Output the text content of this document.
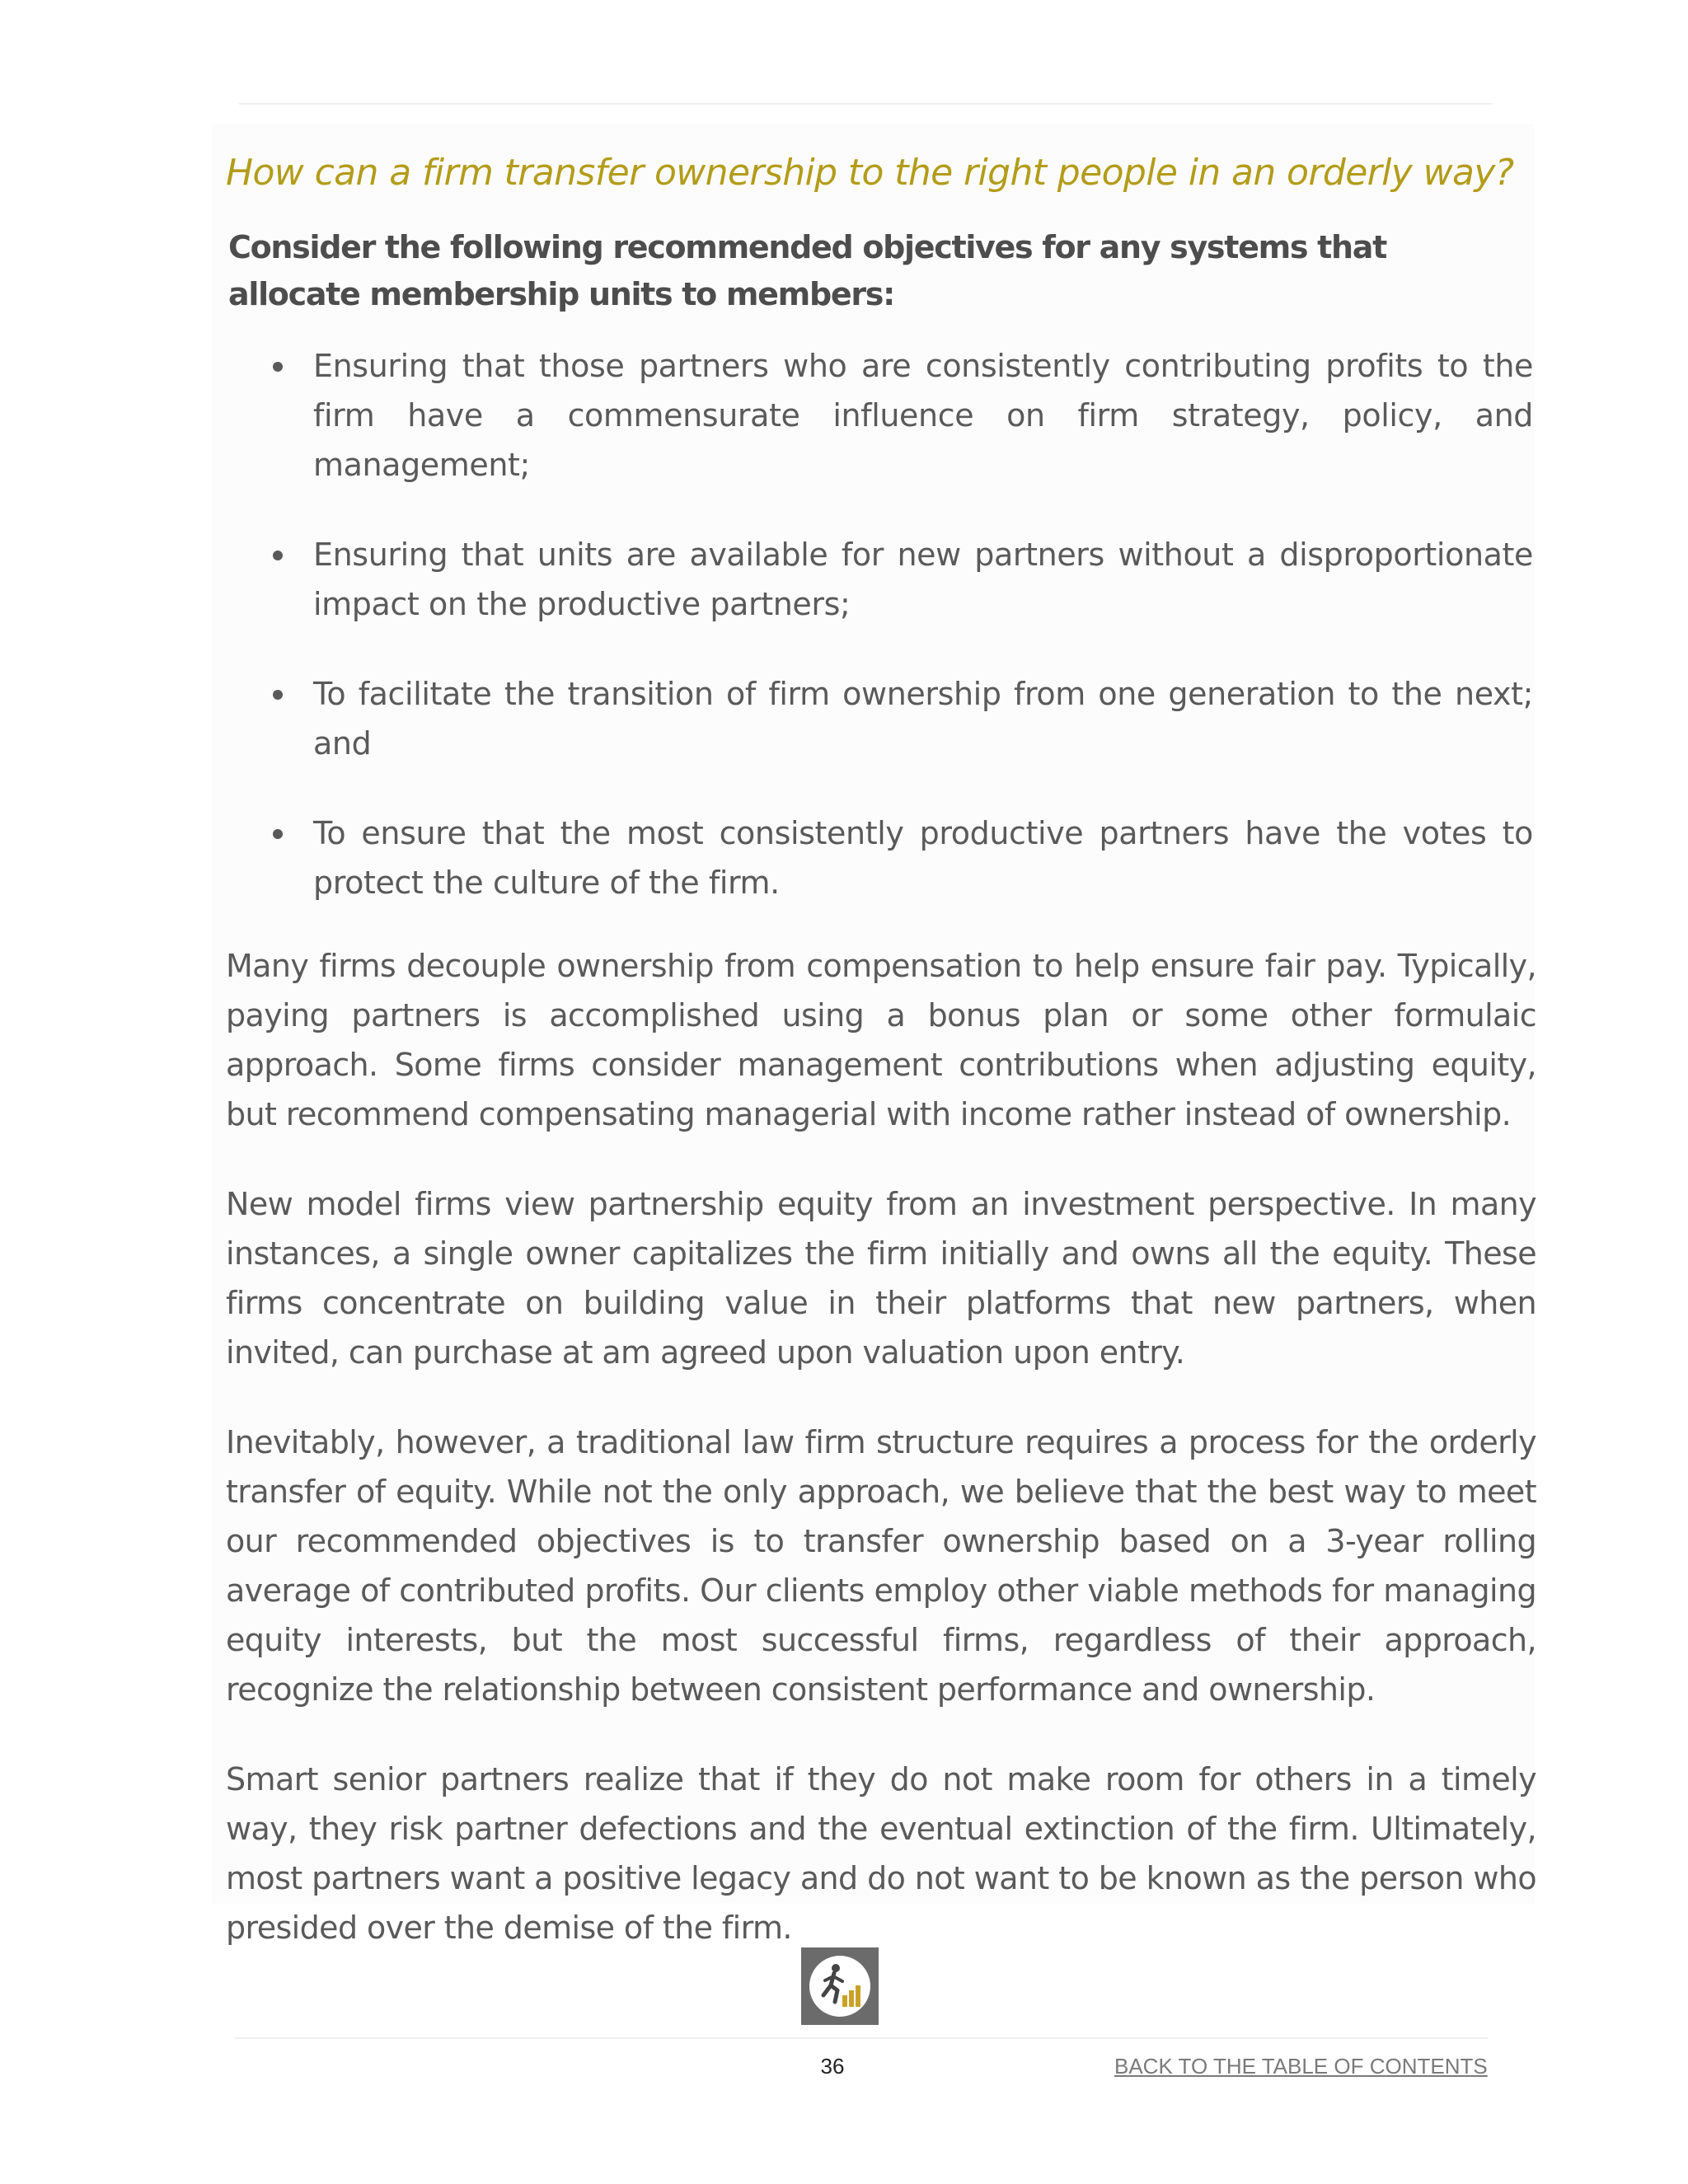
How can a firm transfer ownership to the right people in an orderly way?

Consider the following recommended objectives for any systems that allocate membership units to members:

Ensuring that those partners who are consistently contributing profits to the firm have a commensurate influence on firm strategy, policy, and management;
Ensuring that units are available for new partners without a disproportionate impact on the productive partners;
To facilitate the transition of firm ownership from one generation to the next; and
To ensure that the most consistently productive partners have the votes to protect the culture of the firm.

Many firms decouple ownership from compensation to help ensure fair pay. Typically, paying partners is accomplished using a bonus plan or some other formulaic approach. Some firms consider management contributions when adjusting equity, but recommend compensating managerial with income rather instead of ownership.

New model firms view partnership equity from an investment perspective. In many instances, a single owner capitalizes the firm initially and owns all the equity. These firms concentrate on building value in their platforms that new partners, when invited, can purchase at am agreed upon valuation upon entry.

Inevitably, however, a traditional law firm structure requires a process for the orderly transfer of equity. While not the only approach, we believe that the best way to meet our recommended objectives is to transfer ownership based on a 3-year rolling average of contributed profits. Our clients employ other viable methods for managing equity interests, but the most successful firms, regardless of their approach, recognize the relationship between consistent performance and ownership.

Smart senior partners realize that if they do not make room for others in a timely way, they risk partner defections and the eventual extinction of the firm. Ultimately, most partners want a positive legacy and do not want to be known as the person who presided over the demise of the firm.

36	BACK TO THE TABLE OF CONTENTS
